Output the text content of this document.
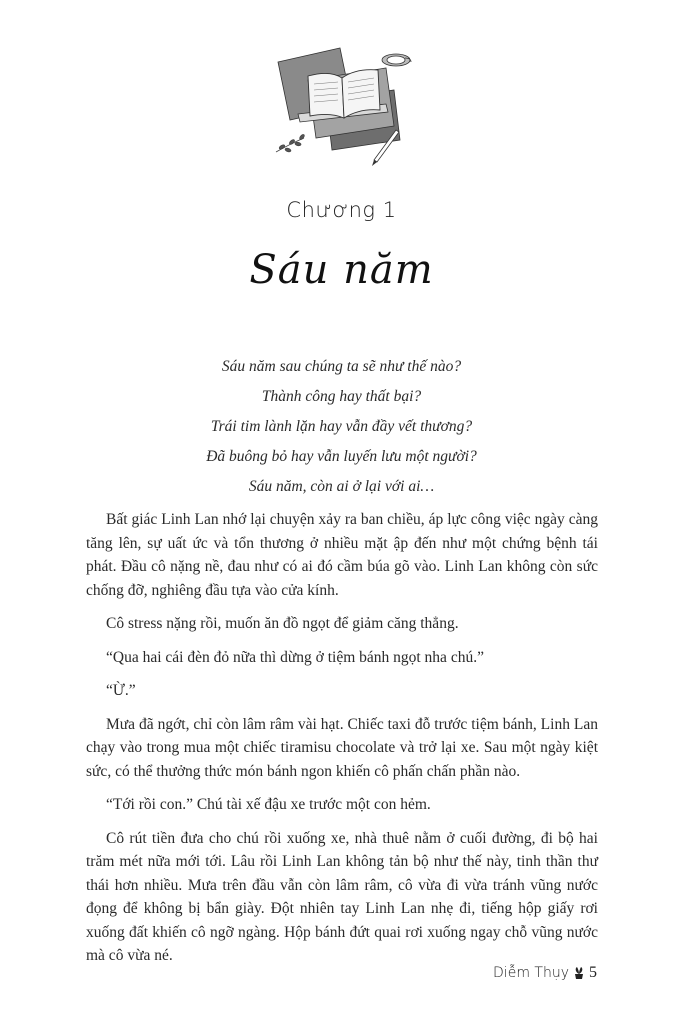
Chương 1
Sáu năm

Sáu năm sau chúng ta sẽ như thế nào?

Thành công hay thất bại?

Trái tim lành lặn hay vẫn đầy vết thương?

Đã buông bỏ hay vẫn luyến lưu một người?

Sáu năm, còn ai ở lại với ai…

Bất giác Linh Lan nhớ lại chuyện xảy ra ban chiều, áp lực công việc ngày càng tăng lên, sự uất ức và tổn thương ở nhiều mặt ập đến như một chứng bệnh tái phát. Đầu cô nặng nề, đau như có ai đó cầm búa gõ vào. Linh Lan không còn sức chống đỡ, nghiêng đầu tựa vào cửa kính.

Cô stress nặng rồi, muốn ăn đồ ngọt để giảm căng thẳng.

“Qua hai cái đèn đỏ nữa thì dừng ở tiệm bánh ngọt nha chú.”

“Ừ.”

Mưa đã ngớt, chỉ còn lâm râm vài hạt. Chiếc taxi đỗ trước tiệm bánh, Linh Lan chạy vào trong mua một chiếc tiramisu chocolate và trở lại xe. Sau một ngày kiệt sức, có thể thưởng thức món bánh ngon khiến cô phấn chấn phần nào.

“Tới rồi con.” Chú tài xế đậu xe trước một con hẻm.

Cô rút tiền đưa cho chú rồi xuống xe, nhà thuê nằm ở cuối đường, đi bộ hai trăm mét nữa mới tới. Lâu rồi Linh Lan không tản bộ như thế này, tinh thần thư thái hơn nhiều. Mưa trên đầu vẫn còn lâm râm, cô vừa đi vừa tránh vũng nước đọng để không bị bẩn giày. Đột nhiên tay Linh Lan nhẹ đi, tiếng hộp giấy rơi xuống đất khiến cô ngỡ ngàng. Hộp bánh đứt quai rơi xuống ngay chỗ vũng nước mà cô vừa né.

Diễm Thụy 5
